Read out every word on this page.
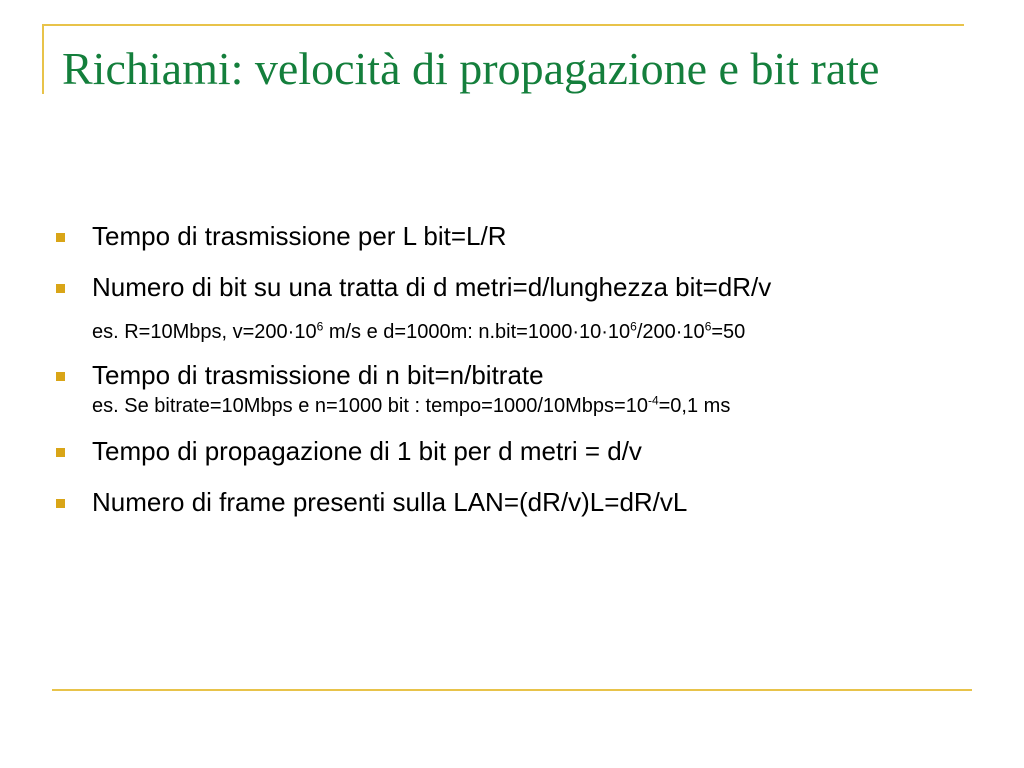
Richiami: velocità di propagazione e bit rate
Tempo di trasmissione per L bit=L/R
Numero di bit su una tratta di d metri=d/lunghezza bit=dR/v
es. R=10Mbps, $v=200\cdot 10^6$ m/s e d=1000m: $n.bit=1000\cdot 10\cdot 10^6/200\cdot 10^6=50$
Tempo di trasmissione di n bit=n/bitrate
es. Se bitrate=10Mbps e n=1000 bit : $tempo=1000/10Mbps=10^{-4}=0,1$ ms
Tempo di propagazione di 1 bit per d metri = d/v
Numero di frame presenti sulla LAN=(dR/v)L=dR/vL
